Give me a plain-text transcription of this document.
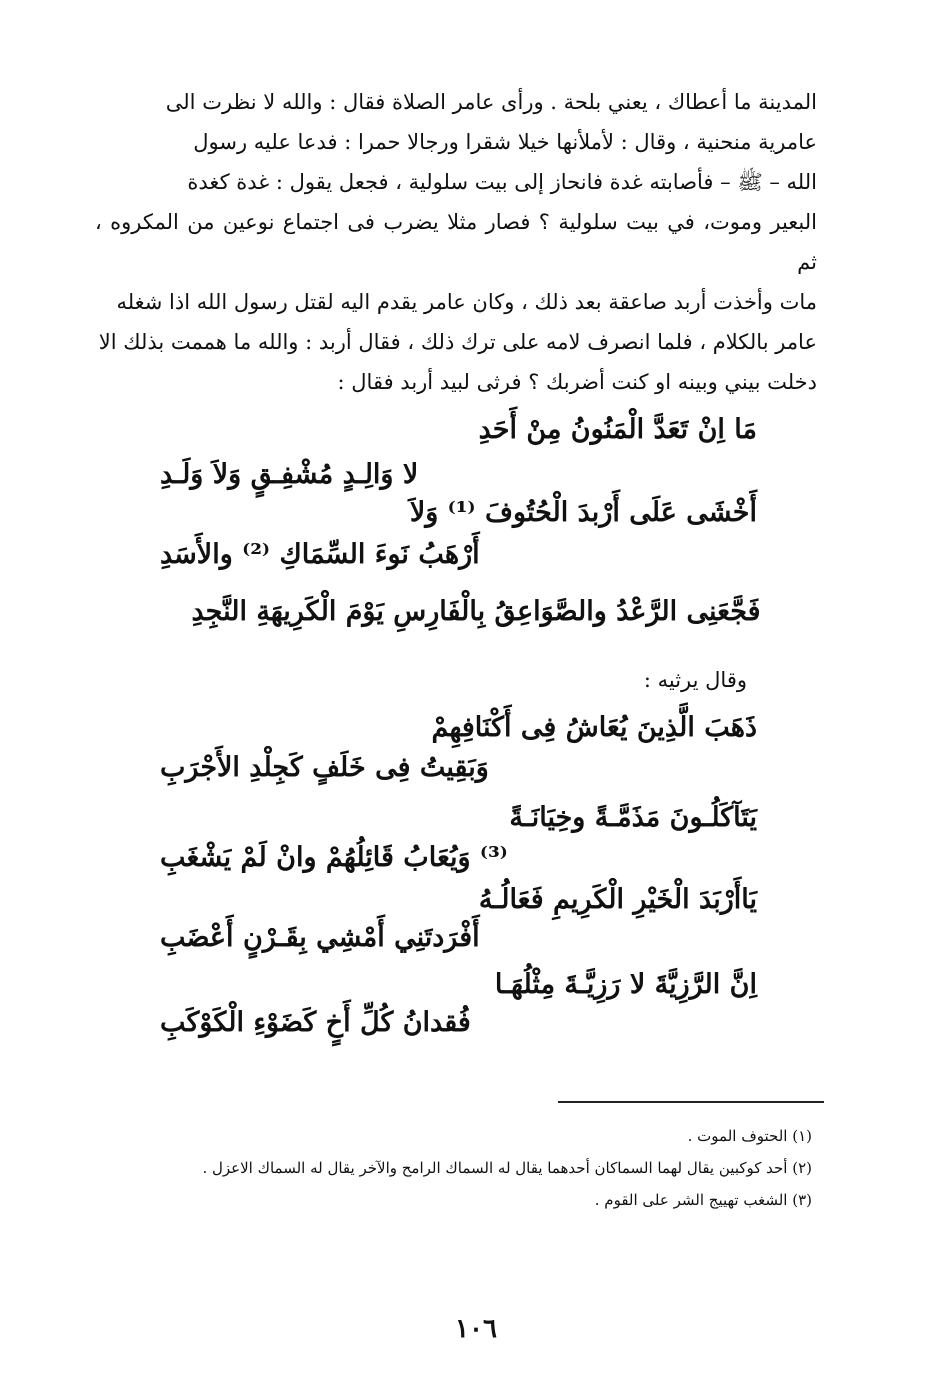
المدينة ما أعطاك ، يعني بلحة . ورأى عامر الصلاة فقال : والله لا نظرت الى

عامرية منحنية ، وقال : لأملأنها خيلا شقرا ورجالا حمرا : فدعا عليه رسول

الله – ﷺ – فأصابته غدة فانحاز إلى بيت سلولية ، فجعل يقول : غدة كغدة

البعير وموت، في بيت سلولية ؟ فصار مثلا يضرب فى اجتماع نوعين من المكروه ، ثم

مات وأخذت أربد صاعقة بعد ذلك ، وكان عامر يقدم اليه لقتل رسول الله اذا شغله

عامر بالكلام ، فلما انصرف لامه على ترك ذلك ، فقال أربد : والله ما هممت بذلك الا

دخلت بيني وبينه او كنت أضربك ؟ فرثى لبيد أربد فقال :

مَا اِنْ تَعَدَّ الْمَنُونُ مِنْ أَحَدِ
لا وَالِـدٍ مُشْفِـقٍ وَلاَ وَلَـدِ
أَخْشَى عَلَى أَرْبدَ الْحُتُوفَ ⁽¹⁾ وَلاَ
أَرْهَبُ نَوءَ السِّمَاكِ ⁽²⁾ والأَسَدِ
فَجَّعَنِى الرَّعْدُ والصَّوَاعِقُ بِالْفَارِسِ يَوْمَ الْكَرِيهَةِ النَّجِدِ
وقال يرثيه :
ذَهَبَ الَّذِينَ يُعَاشُ فِى أَكْنَافِهِمْ
وَبَقِيتُ فِى خَلَفٍ كَجِلْدِ الأَجْرَبِ
يَتَآكَلُـونَ مَذَمَّـةً وخِيَانَـةً
⁽³⁾ وَيُعَابُ قَائِلُهُمْ وانْ لَمْ يَشْغَبِ
يَاأَرْبَدَ الْخَيْرِ الْكَرِيمِ فَعَالُـهُ
أَفْرَدتَنِي أَمْشِي بِقَـرْنٍ أَعْضَبِ
اِنَّ الرَّزِيَّةَ لا رَزِيَّـةَ مِثْلُهَـا
فُقدانُ كُلِّ أَخٍ كَضَوْءِ الْكَوْكَبِ
(١) الحتوف الموت .
(٢) أحد كوكبين يقال لهما السماكان أحدهما يقال له السماك الرامح والآخر يقال له السماك الاعزل .
(٣) الشغب تهييج الشر على القوم .
١٠٦
